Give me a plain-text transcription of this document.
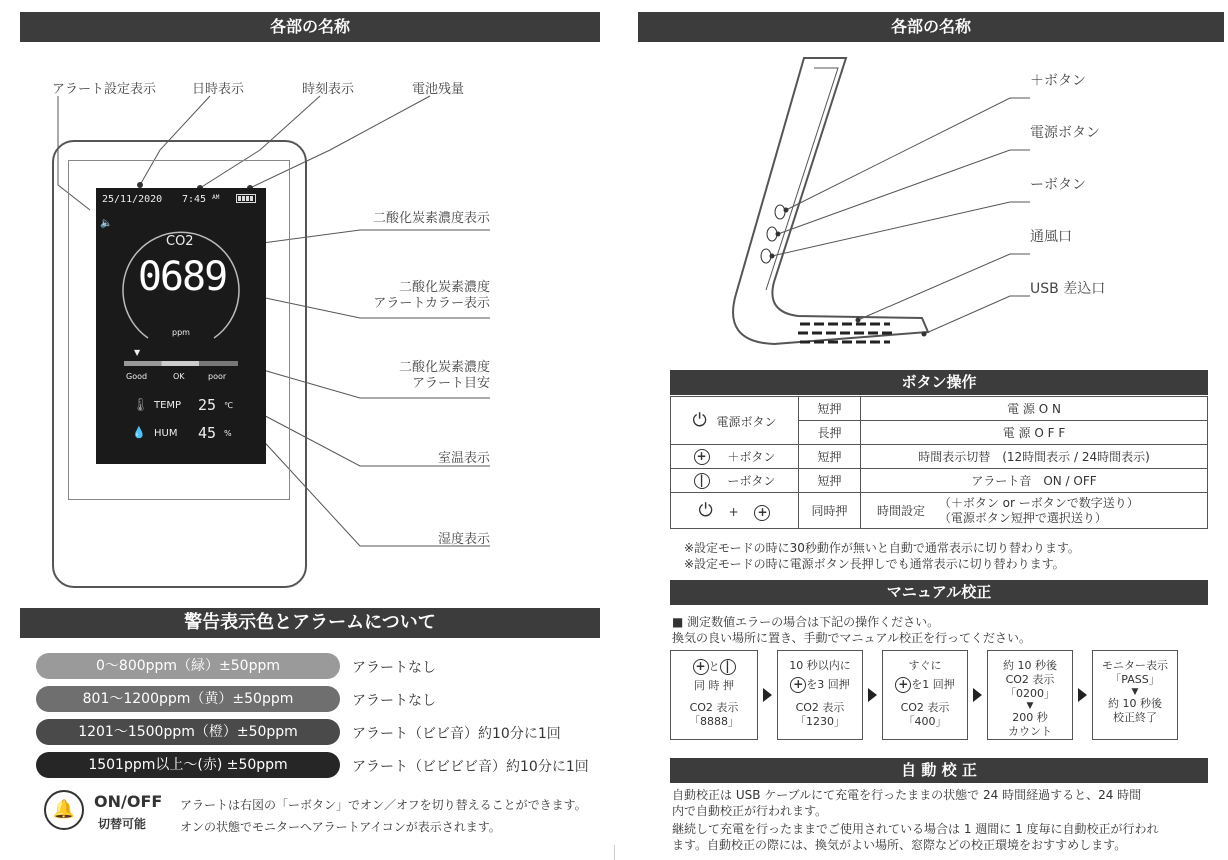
各部の名称
アラート設定表示	日時表示	時刻表示	電池残量
二酸化炭素濃度表示
二酸化炭素濃度
アラートカラー表示
二酸化炭素濃度
アラート目安
室温表示
湿度表示
25/11/2020 7:45 $^{AM}$
🔈
CO2
0689
ppm
▼
Good	OK	poor
🌡 TEMP 25 ℃
💧 HUM 45 %
警告表示色とアラームについて
0～800ppm（緑）±50ppm	アラートなし
801～1200ppm（黄）±50ppm	アラートなし
1201～1500ppm（橙）±50ppm	アラート（ビビ音）約10分に1回
1501ppm以上～(赤) ±50ppm	アラート（ビビビビ音）約10分に1回
🔔	ON/OFF
切替可能
アラートは右図の「ーボタン」でオン／オフを切り替えることができます。
オンの状態でモニターへアラートアイコンが表示されます。
各部の名称
＋ボタン
電源ボタン
ーボタン
通風口
USB 差込口
ボタン操作
⏻ 電源ボタン	短押	電 源 O N
	長押	電 源 O F F
+ ＋ボタン	短押	時間表示切替　(12時間表示 / 24時間表示)
| ーボタン	短押	アラート音　ON / OFF
⏻ + +	同時押	時間設定
（＋ボタン or ーボタンで数字送り）
（電源ボタン短押で選択送り）
※設定モードの時に30秒動作が無いと自動で通常表示に切り替わります。
※設定モードの時に電源ボタン長押しでも通常表示に切り替わります。
マニュアル校正
■ 測定数値エラーの場合は下記の操作ください。
換気の良い場所に置き、手動でマニュアル校正を行ってください。
+ と |
同 時 押
CO2 表示
「8888」
10 秒以内に
+ を3 回押
CO2 表示
「1230」
すぐに
+ を1 回押
CO2 表示
「400」
約 10 秒後
CO2 表示
「0200」
▼
200 秒
カウント
モニター表示
「PASS」
▼
約 10 秒後
校正終了
自 動 校 正
自動校正は USB ケーブルにて充電を行ったままの状態で 24 時間経過すると、24 時間
内で自動校正が行われます。
継続して充電を行ったままでご使用されている場合は 1 週間に 1 度毎に自動校正が行われ
ます。自動校正の際には、換気がよい場所、窓際などの校正環境をおすすめします。
